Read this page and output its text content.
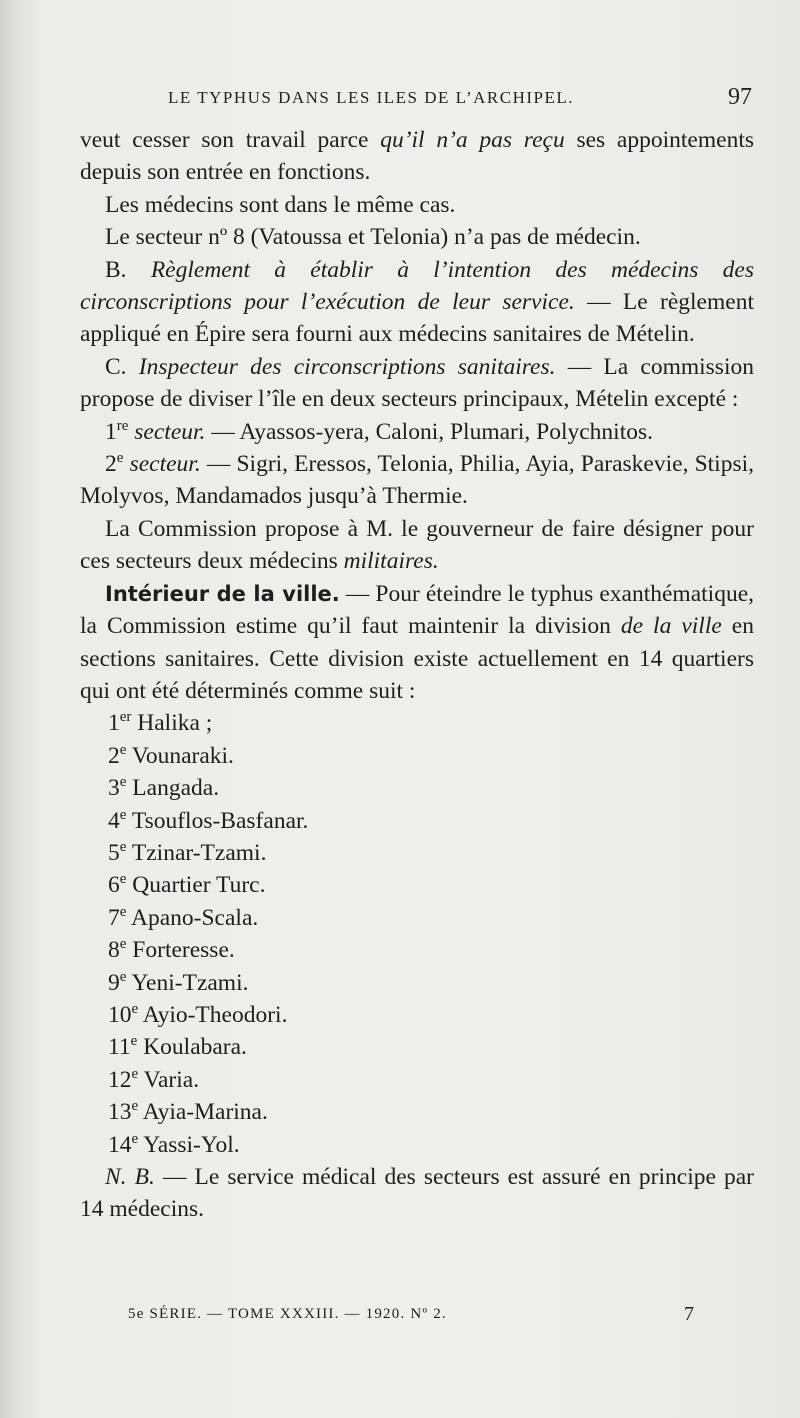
LE TYPHUS DANS LES ILES DE L’ARCHIPEL.	97

veut cesser son travail parce qu’il n’a pas reçu ses appointements depuis son entrée en fonctions.

Les médecins sont dans le même cas.

Le secteur nº 8 (Vatoussa et Telonia) n’a pas de médecin.

B. Règlement à établir à l’intention des médecins des circonscriptions pour l’exécution de leur service. — Le règlement appliqué en Épire sera fourni aux médecins sanitaires de Mételin.

C. Inspecteur des circonscriptions sanitaires. — La commission propose de diviser l’île en deux secteurs principaux, Mételin excepté :

1re secteur. — Ayassos-yera, Caloni, Plumari, Polychnitos.

2e secteur. — Sigri, Eressos, Telonia, Philia, Ayia, Paraskevie, Stipsi, Molyvos, Mandamados jusqu’à Thermie.

La Commission propose à M. le gouverneur de faire désigner pour ces secteurs deux médecins militaires.

Intérieur de la ville. — Pour éteindre le typhus exanthématique, la Commission estime qu’il faut maintenir la division de la ville en sections sanitaires. Cette division existe actuellement en 14 quartiers qui ont été déterminés comme suit :

1er Halika ;
2e Vounaraki.
3e Langada.
4e Tsouflos-Basfanar.
5e Tzinar-Tzami.
6e Quartier Turc.
7e Apano-Scala.
8e Forteresse.
9e Yeni-Tzami.
10e Ayio-Theodori.
11e Koulabara.
12e Varia.
13e Ayia-Marina.
14e Yassi-Yol.

N. B. — Le service médical des secteurs est assuré en principe par 14 médecins.

5e SÉRIE. — TOME XXXIII. — 1920. Nº 2.	7
